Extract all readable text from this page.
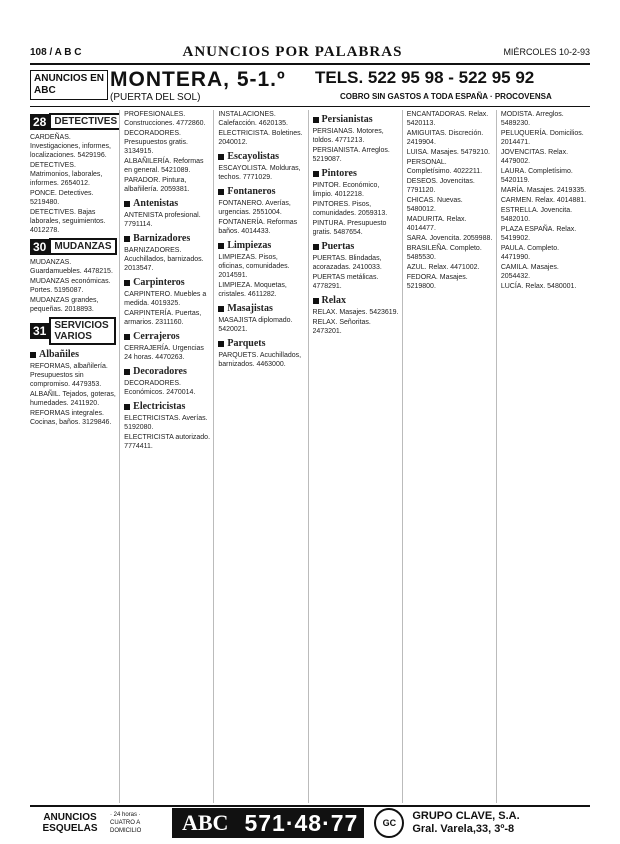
108 / A B C	ANUNCIOS POR PALABRAS	MIÉRCOLES 10-2-93
ANUNCIOS EN ABC	MONTERA, 5-1.º
(PUERTA DEL SOL)
TELS. 522 95 98 - 522 95 92
COBRO SIN GASTOS A TODA ESPAÑA · PROCOVENSA
28 DETECTIVES
CARDEÑAS. Investigaciones, informes, localizaciones. 5429196.
DETECTIVES. Matrimonios, laborales, informes. 2654012.
PONCE. Detectives. 5219480.
DETECTIVES. Bajas laborales, seguimientos. 4012278.
30 MUDANZAS
MUDANZAS. Guardamuebles. 4478215.
MUDANZAS económicas. Portes. 5195087.
MUDANZAS grandes, pequeñas. 2018893.
31 SERVICIOS VARIOS
Albañiles
REFORMAS, albañilería. Presupuestos sin compromiso. 4479353.
ALBAÑIL. Tejados, goteras, humedades. 2411920.
REFORMAS integrales. Cocinas, baños. 3129846.
PROFESIONALES. Construcciones. 4772860.
DECORADORES. Presupuestos gratis. 3134915.
ALBAÑILERÍA. Reformas en general. 5421089.
PARADOR. Pintura, albañilería. 2059381.
Antenistas
ANTENISTA profesional. 7791114.
Barnizadores
BARNIZADORES. Acuchillados, barnizados. 2013547.
Carpinteros
CARPINTERO. Muebles a medida. 4019325.
CARPINTERÍA. Puertas, armarios. 2311160.
Cerrajeros
CERRAJERÍA. Urgencias 24 horas. 4470263.
Decoradores
DECORADORES. Económicos. 2470014.
Electricistas
ELECTRICISTAS. Averías. 5192080.
ELECTRICISTA autorizado. 7774411.
INSTALACIONES. Calefacción. 4620135.
ELECTRICISTA. Boletines. 2040012.
Escayolistas
ESCAYOLISTA. Molduras, techos. 7771029.
Fontaneros
FONTANERO. Averías, urgencias. 2551004.
FONTANERÍA. Reformas baños. 4014433.
Limpiezas
LIMPIEZAS. Pisos, oficinas, comunidades. 2014591.
LIMPIEZA. Moquetas, cristales. 4611282.
Masajistas
MASAJISTA diplomado. 5420021.
Parquets
PARQUETS. Acuchillados, barnizados. 4463000.
Persianistas
PERSIANAS. Motores, toldos. 4771213.
PERSIANISTA. Arreglos. 5219087.
Pintores
PINTOR. Económico, limpio. 4012218.
PINTORES. Pisos, comunidades. 2059313.
PINTURA. Presupuesto gratis. 5487654.
Puertas
PUERTAS. Blindadas, acorazadas. 2410033.
PUERTAS metálicas. 4778291.
Relax
RELAX. Masajes. 5423619.
RELAX. Señoritas. 2473201.
ENCANTADORAS. Relax. 5420113.
AMIGUITAS. Discreción. 2419904.
LUISA. Masajes. 5479210.
PERSONAL. Completísimo. 4022211.
DESEOS. Jovencitas. 7791120.
CHICAS. Nuevas. 5480012.
MADURITA. Relax. 4014477.
SARA. Jovencita. 2059988.
BRASILEÑA. Completo. 5485530.
AZUL. Relax. 4471002.
FEDORA. Masajes. 5219800.
MODISTA. Arreglos. 5489230.
PELUQUERÍA. Domicilios. 2014471.
JOVENCITAS. Relax. 4479002.
LAURA. Completísimo. 5420119.
MARÍA. Masajes. 2419335.
CARMEN. Relax. 4014881.
ESTRELLA. Jovencita. 5482010.
PLAZA ESPAÑA. Relax. 5419902.
PAULA. Completo. 4471990.
CAMILA. Masajes. 2054432.
LUCÍA. Relax. 5480001.
ANUNCIOS ESQUELAS
· 24 horas · CUATRO A DOMICILIO	ABC 571·48·77	GC
GRUPO CLAVE, S.A.
Gral. Varela,33, 3º-8
